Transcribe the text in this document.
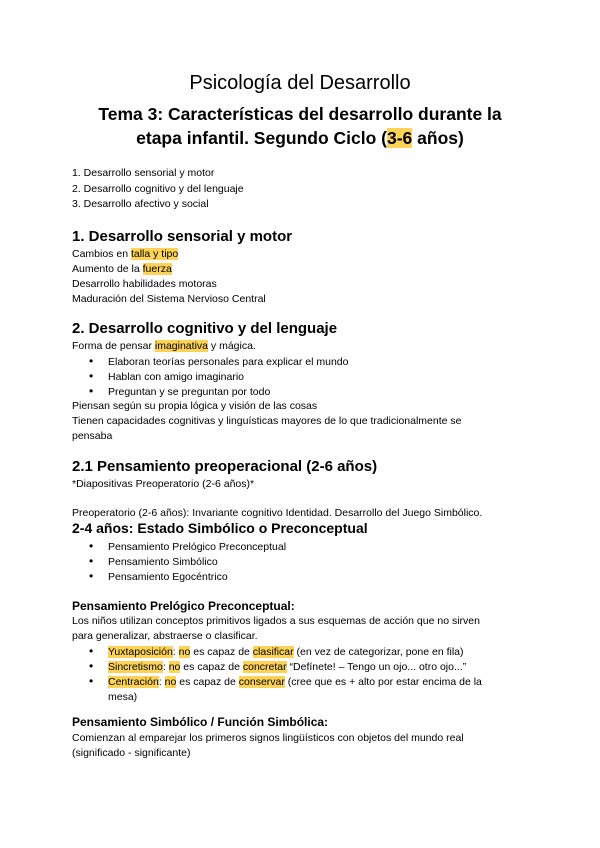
Psicología del Desarrollo
Tema 3: Características del desarrollo durante la
etapa infantil. Segundo Ciclo (3-6 años)
1. Desarrollo sensorial y motor
2. Desarrollo cognitivo y del lenguaje
3. Desarrollo afectivo y social
1. Desarrollo sensorial y motor
Cambios en talla y tipo
Aumento de la fuerza
Desarrollo habilidades motoras
Maduración del Sistema Nervioso Central
2. Desarrollo cognitivo y del lenguaje
Forma de pensar imaginativa y mágica.
• Elaboran teorías personales para explicar el mundo
• Hablan con amigo imaginario
• Preguntan y se preguntan por todo
Piensan según su propia lógica y visión de las cosas
Tienen capacidades cognitivas y linguísticas mayores de lo que tradicionalmente se
pensaba
2.1 Pensamiento preoperacional (2-6 años)
*Diapositivas Preoperatorio (2-6 años)*
Preoperatorio (2-6 años): Invariante cognitivo Identidad. Desarrollo del Juego Simbólico.
2-4 años: Estado Simbólico o Preconceptual
• Pensamiento Prelógico Preconceptual
• Pensamiento Simbólico
• Pensamiento Egocéntrico
Pensamiento Prelógico Preconceptual:
Los niños utilizan conceptos primitivos ligados a sus esquemas de acción que no sirven
para generalizar, abstraerse o clasificar.
• Yuxtaposición: no es capaz de clasificar (en vez de categorizar, pone en fila)
• Sincretismo: no es capaz de concretar “Defínete! – Tengo un ojo... otro ojo...”
• Centración: no es capaz de conservar (cree que es + alto por estar encima de la
mesa)
Pensamiento Simbólico / Función Simbólica:
Comienzan al emparejar los primeros signos lingüísticos con objetos del mundo real
(significado - significante)
